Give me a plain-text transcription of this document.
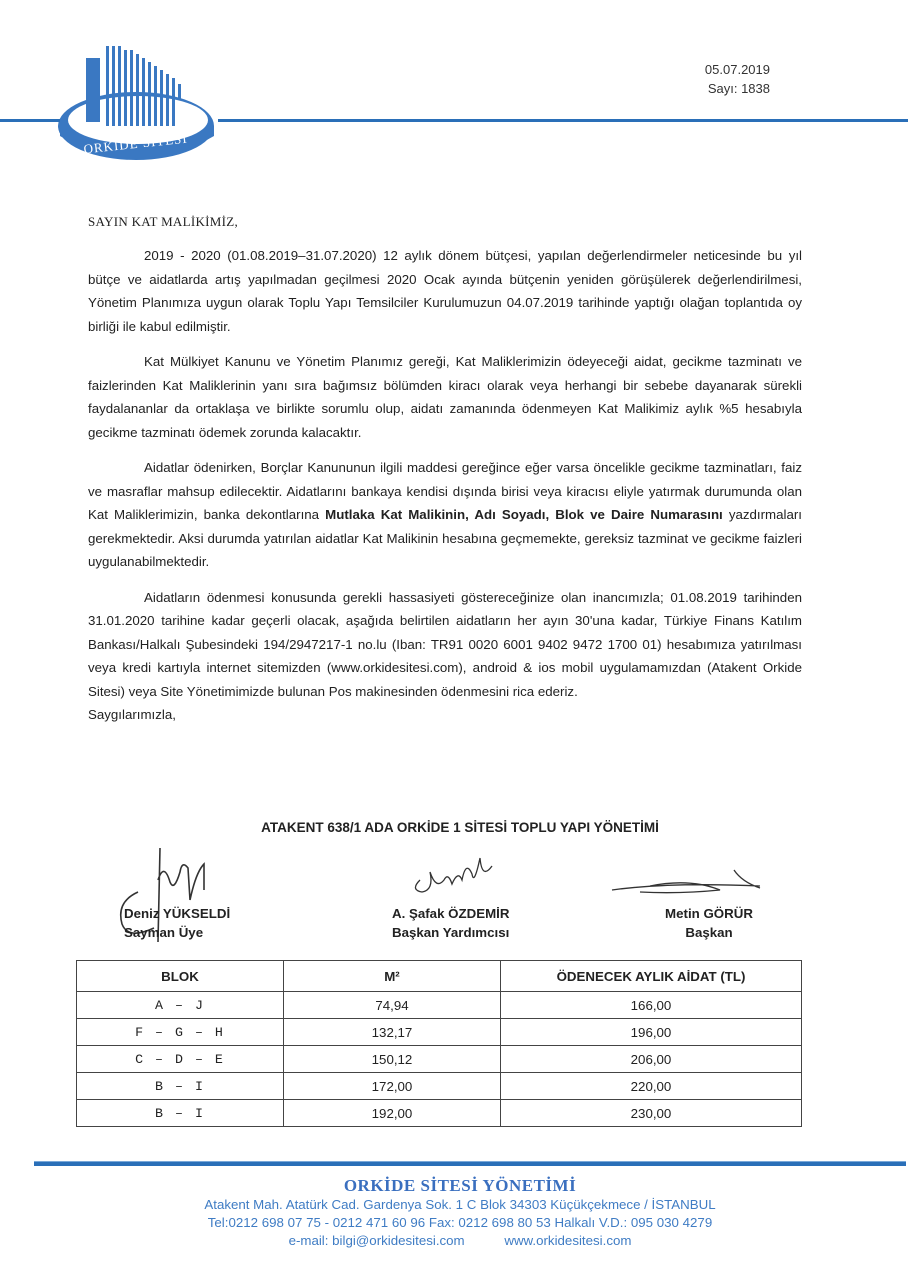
ORKİDE SİTESİ
05.07.2019
Sayı: 1838
SAYIN KAT MALİKİMİZ,

2019 - 2020 (01.08.2019–31.07.2020) 12 aylık dönem bütçesi, yapılan değerlendirmeler neticesinde bu yıl bütçe ve aidatlarda artış yapılmadan geçilmesi 2020 Ocak ayında bütçenin yeniden görüşülerek değerlendirilmesi, Yönetim Planımıza uygun olarak Toplu Yapı Temsilciler Kurulumuzun 04.07.2019 tarihinde yaptığı olağan toplantıda oy birliği ile kabul edilmiştir.

Kat Mülkiyet Kanunu ve Yönetim Planımız gereği, Kat Maliklerimizin ödeyeceği aidat, gecikme tazminatı ve faizlerinden Kat Maliklerinin yanı sıra bağımsız bölümden kiracı olarak veya herhangi bir sebebe dayanarak sürekli faydalananlar da ortaklaşa ve birlikte sorumlu olup, aidatı zamanında ödenmeyen Kat Malikimiz aylık %5 hesabıyla gecikme tazminatı ödemek zorunda kalacaktır.

Aidatlar ödenirken, Borçlar Kanununun ilgili maddesi gereğince eğer varsa öncelikle gecikme tazminatları, faiz ve masraflar mahsup edilecektir. Aidatlarını bankaya kendisi dışında birisi veya kiracısı eliyle yatırmak durumunda olan Kat Maliklerimizin, banka dekontlarına Mutlaka Kat Malikinin, Adı Soyadı, Blok ve Daire Numarasını yazdırmaları gerekmektedir. Aksi durumda yatırılan aidatlar Kat Malikinin hesabına geçmemekte, gereksiz tazminat ve gecikme faizleri uygulanabilmektedir.

Aidatların ödenmesi konusunda gerekli hassasiyeti göstereceğinize olan inancımızla; 01.08.2019 tarihinden 31.01.2020 tarihine kadar geçerli olacak, aşağıda belirtilen aidatların her ayın 30'una kadar, Türkiye Finans Katılım Bankası/Halkalı Şubesindeki 194/2947217-1 no.lu (Iban: TR91 0020 6001 9402 9472 1700 01) hesabımıza yatırılması veya kredi kartıyla internet sitemizden (www.orkidesitesi.com), android & ios mobil uygulamamızdan (Atakent Orkide Sitesi) veya Site Yönetimimizde bulunan Pos makinesinden ödenmesini rica ederiz.

Saygılarımızla,

ATAKENT 638/1 ADA ORKİDE 1 SİTESİ TOPLU YAPI YÖNETİMİ
Deniz YÜKSELDİ
Sayman Üye
A. Şafak ÖZDEMİR
Başkan Yardımcısı
Metin GÖRÜR
Başkan
BLOK	M²	ÖDENECEK AYLIK AİDAT (TL)
A – J	74,94	166,00
F – G – H	132,17	196,00
C – D – E	150,12	206,00
B – I	172,00	220,00
B – I	192,00	230,00
ORKİDE SİTESİ YÖNETİMİ
Atakent Mah. Atatürk Cad. Gardenya Sok. 1 C Blok 34303 Küçükçekmece / İSTANBUL
Tel:0212 698 07 75 - 0212 471 60 96 Fax: 0212 698 80 53 Halkalı V.D.: 095 030 4279
e-mail: bilgi@orkidesitesi.com	www.orkidesitesi.com
